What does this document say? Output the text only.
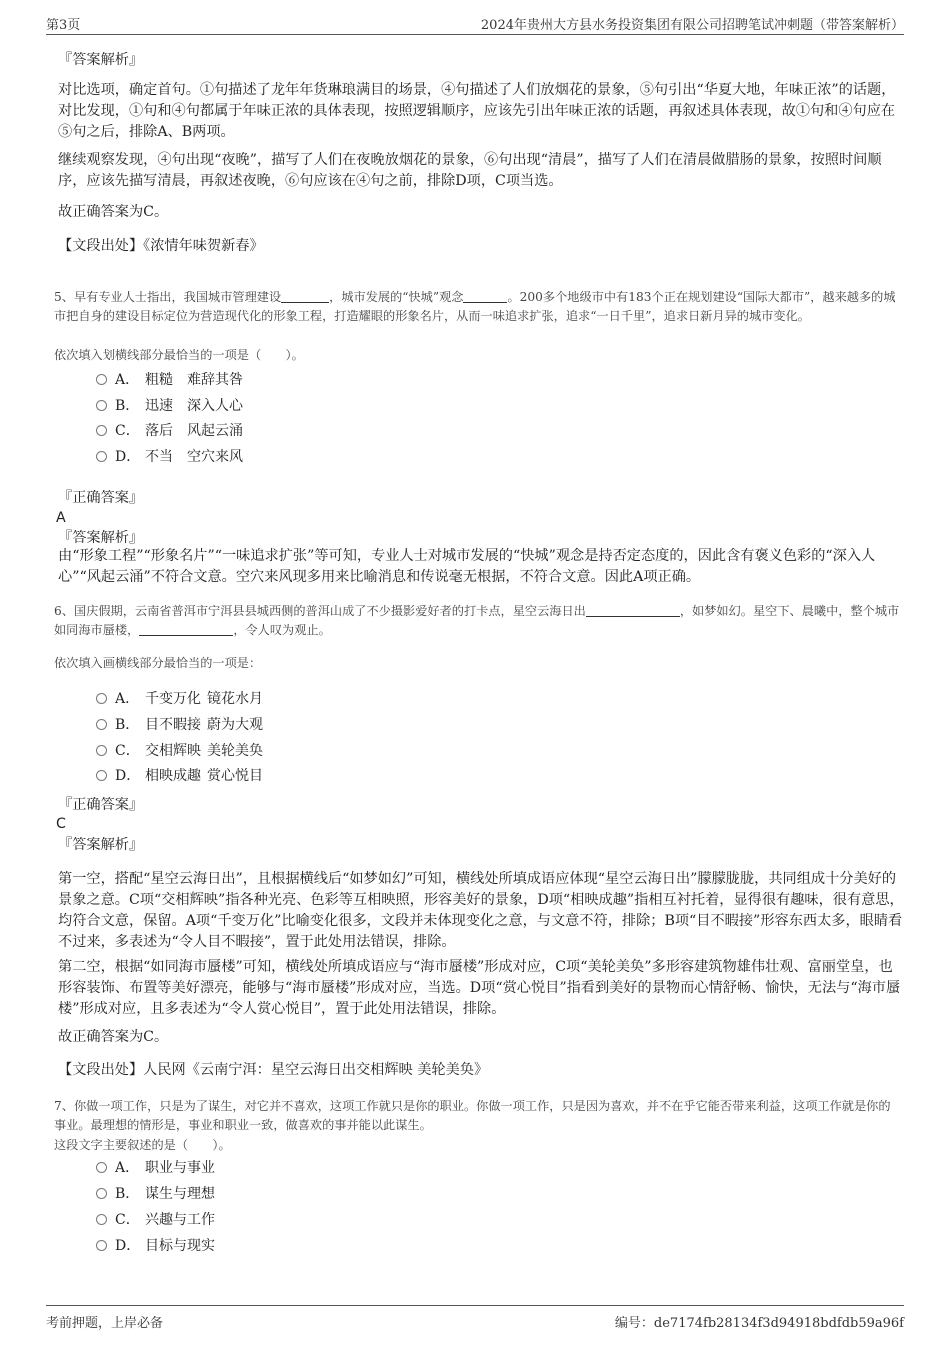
第3页	2024年贵州大方县水务投资集团有限公司招聘笔试冲刺题（带答案解析）
『答案解析』
对比选项，确定首句。①句描述了龙年年货琳琅满目的场景，④句描述了人们放烟花的景象，⑤句引出“华夏大地，年味正浓”的话题，对比发现，①句和④句都属于年味正浓的具体表现，按照逻辑顺序，应该先引出年味正浓的话题，再叙述具体表现，故①句和④句应在⑤句之后，排除A、B两项。
继续观察发现，④句出现“夜晚”，描写了人们在夜晚放烟花的景象，⑥句出现“清晨”，描写了人们在清晨做腊肠的景象，按照时间顺序，应该先描写清晨，再叙述夜晚，⑥句应该在④句之前，排除D项，C项当选。
故正确答案为C。
【文段出处】《浓情年味贺新春》
5、早有专业人士指出，我国城市管理建设	，城市发展的“快城”观念	。200多个地级市中有183个正在规划建设“国际大都市”，越来越多的城市把自身的建设目标定位为营造现代化的形象工程，打造耀眼的形象名片，从而一味追求扩张，追求“一日千里”，追求日新月异的城市变化。
依次填入划横线部分最恰当的一项是（　　）。
A． 粗糙 难辞其咎
B． 迅速 深入人心
C． 落后 风起云涌
D． 不当 空穴来风
『正确答案』
A
『答案解析』
由“形象工程”“形象名片”“一味追求扩张”等可知，专业人士对城市发展的“快城”观念是持否定态度的，因此含有褒义色彩的“深入人心”“风起云涌”不符合文意。空穴来风现多用来比喻消息和传说毫无根据，不符合文意。因此A项正确。
6、国庆假期，云南省普洱市宁洱县县城西侧的普洱山成了不少摄影爱好者的打卡点，星空云海日出	，如梦如幻。星空下、晨曦中，整个城市如同海市蜃楼，	，令人叹为观止。
依次填入画横线部分最恰当的一项是：
A． 千变万化 镜花水月
B． 目不暇接 蔚为大观
C． 交相辉映 美轮美奂
D． 相映成趣 赏心悦目
『正确答案』
C
『答案解析』
第一空，搭配“星空云海日出”，且根据横线后“如梦如幻”可知，横线处所填成语应体现“星空云海日出”朦朦胧胧，共同组成十分美好的景象之意。C项“交相辉映”指各种光亮、色彩等互相映照，形容美好的景象，D项“相映成趣”指相互衬托着，显得很有趣味，很有意思，均符合文意，保留。A项“千变万化”比喻变化很多，文段并未体现变化之意，与文意不符，排除；B项“目不暇接”形容东西太多，眼睛看不过来，多表述为“令人目不暇接”，置于此处用法错误，排除。
第二空，根据“如同海市蜃楼”可知，横线处所填成语应与“海市蜃楼”形成对应，C项“美轮美奂”多形容建筑物雄伟壮观、富丽堂皇，也形容装饰、布置等美好漂亮，能够与“海市蜃楼”形成对应，当选。D项“赏心悦目”指看到美好的景物而心情舒畅、愉快，无法与“海市蜃楼”形成对应，且多表述为“令人赏心悦目”，置于此处用法错误，排除。
故正确答案为C。
【文段出处】人民网《云南宁洱：星空云海日出交相辉映 美轮美奂》
7、你做一项工作，只是为了谋生，对它并不喜欢，这项工作就只是你的职业。你做一项工作，只是因为喜欢，并不在乎它能否带来利益，这项工作就是你的事业。最理想的情形是，事业和职业一致，做喜欢的事并能以此谋生。
这段文字主要叙述的是（　　）。
A． 职业与事业
B． 谋生与理想
C． 兴趣与工作
D． 目标与现实
考前押题，上岸必备	编号：de7174fb28134f3d94918bdfdb59a96f
